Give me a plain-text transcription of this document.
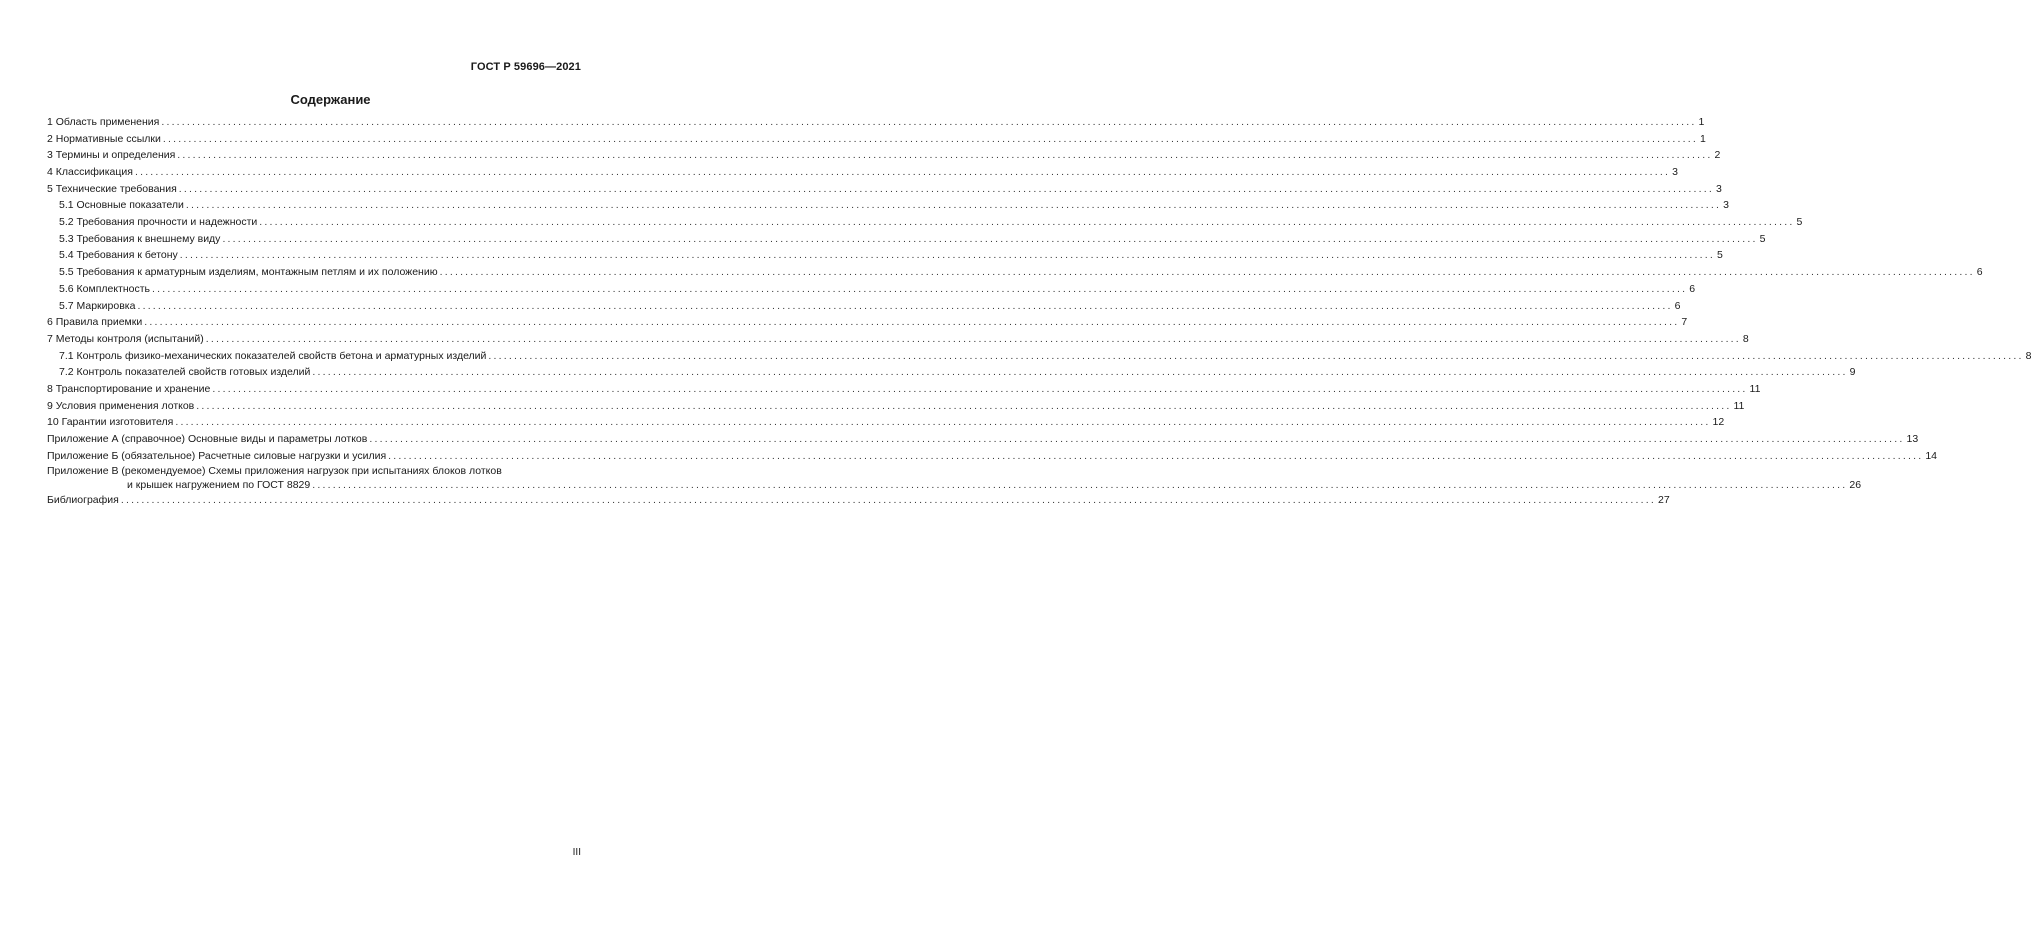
ГОСТ Р 59696—2021
Содержание
1 Область применения ............................................................................................................................................................................................................................................................................................................ 1
2 Нормативные ссылки ............................................................................................................................................................................................................................................................................................................ 1
3 Термины и определения ............................................................................................................................................................................................................................................................................................................ 2
4 Классификация ............................................................................................................................................................................................................................................................................................................ 3
5 Технические требования ............................................................................................................................................................................................................................................................................................................ 3
5.1 Основные показатели ............................................................................................................................................................................................................................................................................................................ 3
5.2 Требования прочности и надежности ............................................................................................................................................................................................................................................................................................................ 5
5.3 Требования к внешнему виду ............................................................................................................................................................................................................................................................................................................ 5
5.4 Требования к бетону ............................................................................................................................................................................................................................................................................................................ 5
5.5 Требования к арматурным изделиям, монтажным петлям и их положению ............................................................................................................................................................................................................................................................................................................ 6
5.6 Комплектность ............................................................................................................................................................................................................................................................................................................ 6
5.7 Маркировка ............................................................................................................................................................................................................................................................................................................ 6
6 Правила приемки ............................................................................................................................................................................................................................................................................................................ 7
7 Методы контроля (испытаний) ............................................................................................................................................................................................................................................................................................................ 8
7.1 Контроль физико-механических показателей свойств бетона и арматурных изделий ............................................................................................................................................................................................................................................................................................................ 8
7.2 Контроль показателей свойств готовых изделий ............................................................................................................................................................................................................................................................................................................ 9
8 Транспортирование и хранение ............................................................................................................................................................................................................................................................................................................ 11
9 Условия применения лотков ............................................................................................................................................................................................................................................................................................................ 11
10 Гарантии изготовителя ............................................................................................................................................................................................................................................................................................................ 12
Приложение А (справочное) Основные виды и параметры лотков ............................................................................................................................................................................................................................................................................................................ 13
Приложение Б (обязательное) Расчетные силовые нагрузки и усилия ............................................................................................................................................................................................................................................................................................................ 14
Приложение В (рекомендуемое) Схемы приложения нагрузок при испытаниях блоков лотков
и крышек нагружением по ГОСТ 8829 ............................................................................................................................................................................................................................................................................................................ 26
Библиография ............................................................................................................................................................................................................................................................................................................ 27
III
